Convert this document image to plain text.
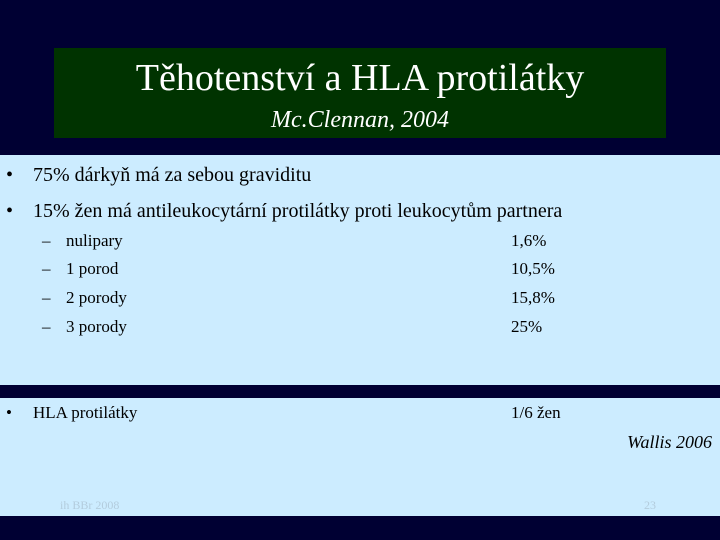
Těhotenství a HLA protilátky
Mc.Clennan, 2004
• 75% dárkyň má za sebou graviditu
• 15% žen má antileukocytární protilátky proti leukocytům partnera
– nulipary	1,6%
– 1 porod	10,5%
– 2 porody	15,8%
– 3 porody	25%
• HLA protilátky	1/6 žen
Wallis 2006
ih BBr 2008	23
